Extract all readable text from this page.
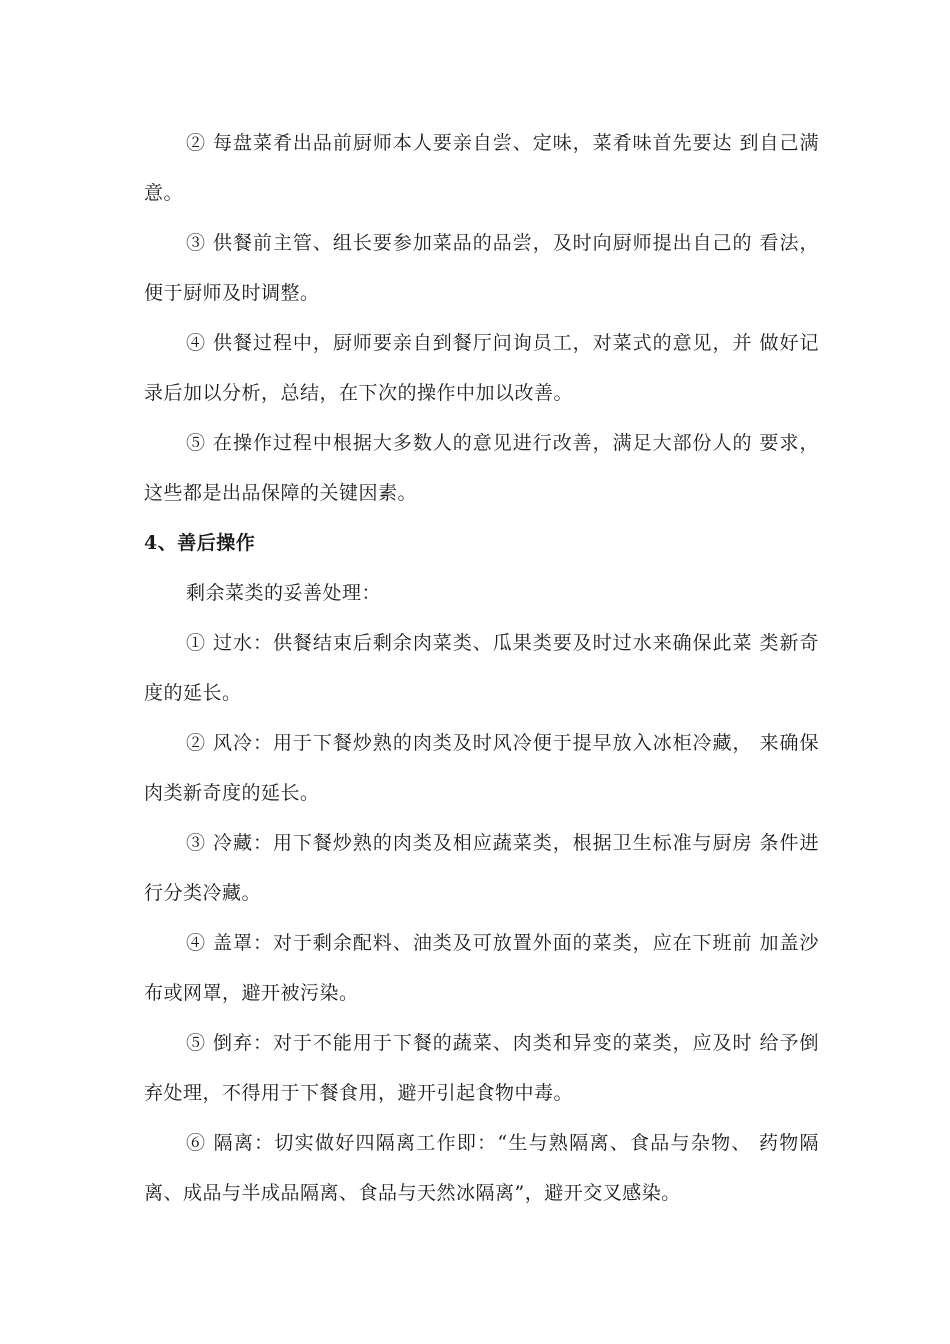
② 每盘菜肴出品前厨师本人要亲自尝、定味，菜肴味首先要达 到自己满意。

③ 供餐前主管、组长要参加菜品的品尝，及时向厨师提出自己的 看法，便于厨师及时调整。

④ 供餐过程中，厨师要亲自到餐厅问询员工，对菜式的意见，并 做好记录后加以分析，总结，在下次的操作中加以改善。

⑤ 在操作过程中根据大多数人的意见进行改善，满足大部份人的 要求，这些都是出品保障的关键因素。

4、善后操作

剩余菜类的妥善处理：

① 过水：供餐结束后剩余肉菜类、瓜果类要及时过水来确保此菜 类新奇度的延长。

② 风冷：用于下餐炒熟的肉类及时风冷便于提早放入冰柜冷藏， 来确保肉类新奇度的延长。

③ 冷藏：用下餐炒熟的肉类及相应蔬菜类，根据卫生标准与厨房 条件进行分类冷藏。

④ 盖罩：对于剩余配料、油类及可放置外面的菜类，应在下班前 加盖沙布或网罩，避开被污染。

⑤ 倒弃：对于不能用于下餐的蔬菜、肉类和异变的菜类，应及时 给予倒弃处理，不得用于下餐食用，避开引起食物中毒。

⑥ 隔离：切实做好四隔离工作即：“生与熟隔离、食品与杂物、 药物隔离、成品与半成品隔离、食品与天然冰隔离”，避开交叉感染。
